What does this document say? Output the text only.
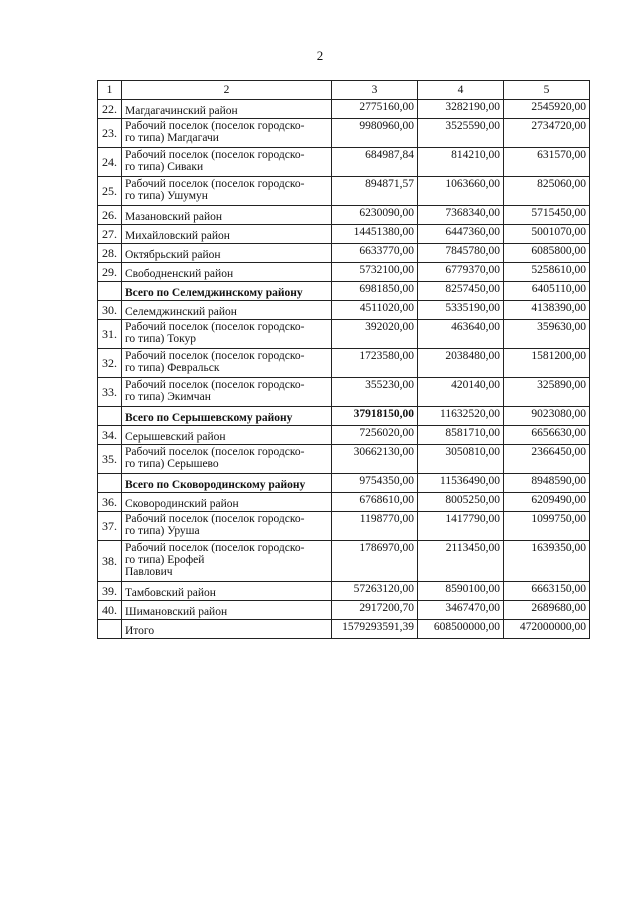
2
1	2	3	4	5
22.	Магдагачинский район	2775160,00	3282190,00	2545920,00
23.	Рабочий поселок (поселок городско-
го типа) Магдагачи	9980960,00	3525590,00	2734720,00
24.	Рабочий поселок (поселок городско-
го типа) Сиваки	684987,84	814210,00	631570,00
25.	Рабочий поселок (поселок городско-
го типа) Ушумун	894871,57	1063660,00	825060,00
26.	Мазановский район	6230090,00	7368340,00	5715450,00
27.	Михайловский район	14451380,00	6447360,00	5001070,00
28.	Октябрьский район	6633770,00	7845780,00	6085800,00
29.	Свободненский район	5732100,00	6779370,00	5258610,00
	Всего по Селемджинскому району	6981850,00	8257450,00	6405110,00
30.	Селемджинский район	4511020,00	5335190,00	4138390,00
31.	Рабочий поселок (поселок городско-
го типа) Токур	392020,00	463640,00	359630,00
32.	Рабочий поселок (поселок городско-
го типа) Февральск	1723580,00	2038480,00	1581200,00
33.	Рабочий поселок (поселок городско-
го типа) Экимчан	355230,00	420140,00	325890,00
	Всего по Серышевскому району	37918150,00	11632520,00	9023080,00
34.	Серышевский район	7256020,00	8581710,00	6656630,00
35.	Рабочий поселок (поселок городско-
го типа) Серышево	30662130,00	3050810,00	2366450,00
	Всего по Сковородинскому району	9754350,00	11536490,00	8948590,00
36.	Сковородинский район	6768610,00	8005250,00	6209490,00
37.	Рабочий поселок (поселок городско-
го типа) Уруша	1198770,00	1417790,00	1099750,00
38.	Рабочий поселок (поселок городско-
го типа) Ерофей
Павлович	1786970,00	2113450,00	1639350,00
39.	Тамбовский район	57263120,00	8590100,00	6663150,00
40.	Шимановский район	2917200,70	3467470,00	2689680,00
	Итого	1579293591,39	608500000,00	472000000,00
